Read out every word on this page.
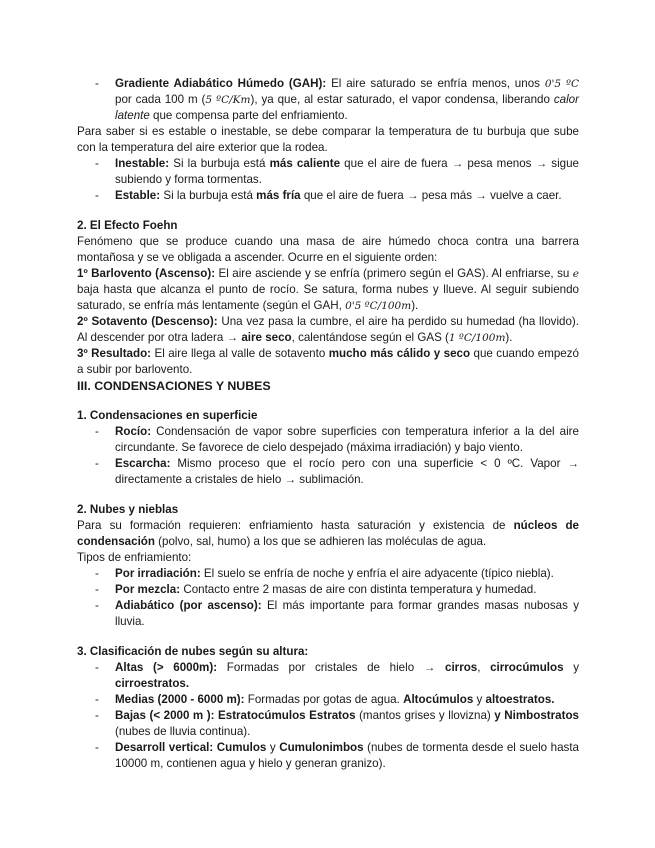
- Gradiente Adiabático Húmedo (GAH): El aire saturado se enfría menos, unos 0'5 ºC por cada 100 m (5 ºC/Km), ya que, al estar saturado, el vapor condensa, liberando calor latente que compensa parte del enfriamiento.

Para saber si es estable o inestable, se debe comparar la temperatura de tu burbuja que sube con la temperatura del aire exterior que la rodea.

- Inestable: Si la burbuja está más caliente que el aire de fuera → pesa menos → sigue subiendo y forma tormentas.
- Estable: Si la burbuja está más fría que el aire de fuera → pesa más → vuelve a caer.

2. El Efecto Foehn

Fenómeno que se produce cuando una masa de aire húmedo choca contra una barrera montañosa y se ve obligada a ascender. Ocurre en el siguiente orden:

1º Barlovento (Ascenso): El aire asciende y se enfría (primero según el GAS). Al enfriarse, su e baja hasta que alcanza el punto de rocío. Se satura, forma nubes y llueve. Al seguir subiendo saturado, se enfría más lentamente (según el GAH, 0'5 ºC/100m).

2º Sotavento (Descenso): Una vez pasa la cumbre, el aire ha perdido su humedad (ha llovido). Al descender por otra ladera → aire seco, calentándose según el GAS (1 ºC/100m).

3º Resultado: El aire llega al valle de sotavento mucho más cálido y seco que cuando empezó a subir por barlovento.

III. CONDENSACIONES Y NUBES

1. Condensaciones en superficie

- Rocío: Condensación de vapor sobre superficies con temperatura inferior a la del aire circundante. Se favorece de cielo despejado (máxima irradiación) y bajo viento.
- Escarcha: Mismo proceso que el rocío pero con una superficie < 0 ºC. Vapor → directamente a cristales de hielo → sublimación.

2. Nubes y nieblas

Para su formación requieren: enfriamiento hasta saturación y existencia de núcleos de condensación (polvo, sal, humo) a los que se adhieren las moléculas de agua.

Tipos de enfriamiento:

- Por irradiación: El suelo se enfría de noche y enfría el aire adyacente (típico niebla).
- Por mezcla: Contacto entre 2 masas de aire con distinta temperatura y humedad.
- Adiabático (por ascenso): El más importante para formar grandes masas nubosas y lluvia.

3. Clasificación de nubes según su altura:

- Altas (> 6000m): Formadas por cristales de hielo → cirros, cirrocúmulos y cirroestratos.
- Medias (2000 - 6000 m): Formadas por gotas de agua. Altocúmulos y altoestratos.
- Bajas (< 2000 m ): Estratocúmulos Estratos (mantos grises y llovizna) y Nimbostratos (nubes de lluvia continua).
- Desarroll vertical: Cumulos y Cumulonimbos (nubes de tormenta desde el suelo hasta 10000 m, contienen agua y hielo y generan granizo).
